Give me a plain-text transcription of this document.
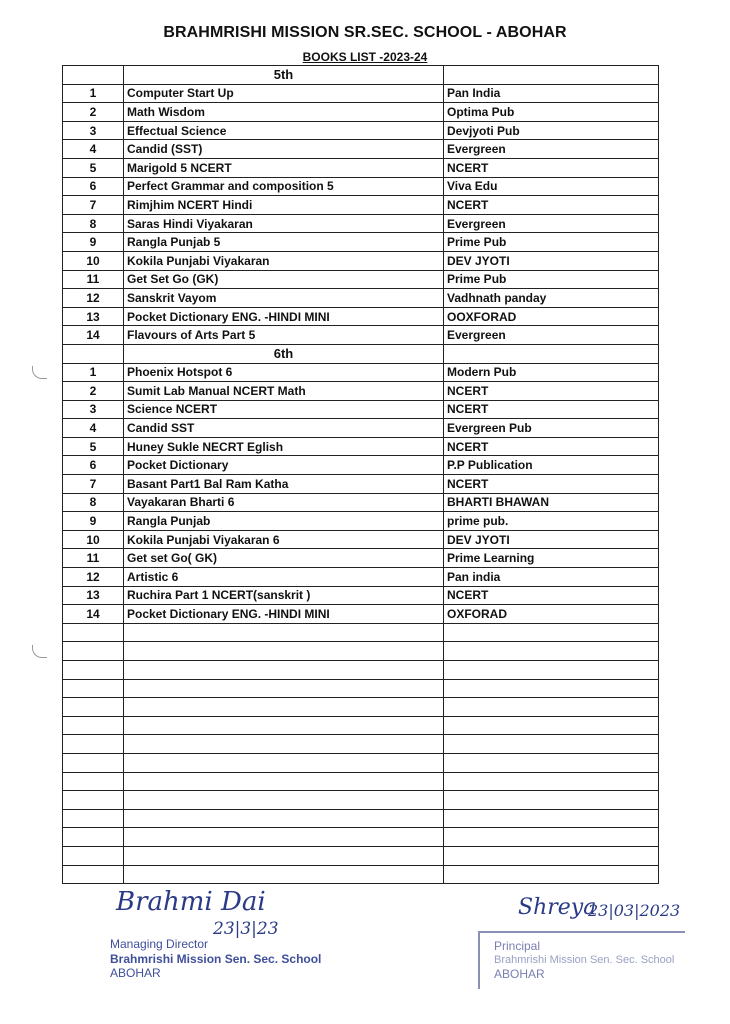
BRAHMRISHI MISSION SR.SEC. SCHOOL - ABOHAR
BOOKS LIST -2023-24
	5th	
1	Computer Start Up	Pan India
2	Math Wisdom	Optima Pub
3	Effectual Science	Devjyoti Pub
4	Candid (SST)	Evergreen
5	Marigold 5 NCERT	NCERT
6	Perfect Grammar and composition 5	Viva Edu
7	Rimjhim NCERT Hindi	NCERT
8	Saras Hindi Viyakaran	Evergreen
9	Rangla Punjab 5	Prime Pub
10	Kokila Punjabi Viyakaran	DEV JYOTI
11	Get Set Go (GK)	Prime Pub
12	Sanskrit Vayom	Vadhnath panday
13	Pocket Dictionary ENG. -HINDI MINI	OOXFORAD
14	Flavours of Arts Part 5	Evergreen
	6th	
1	Phoenix Hotspot 6	Modern Pub
2	Sumit Lab Manual NCERT Math	NCERT
3	Science NCERT	NCERT
4	Candid SST	Evergreen Pub
5	Huney Sukle NECRT Eglish	NCERT
6	Pocket Dictionary	P.P Publication
7	Basant Part1 Bal Ram Katha	NCERT
8	Vayakaran Bharti 6	BHARTI BHAWAN
9	Rangla Punjab	prime pub.
10	Kokila Punjabi Viyakaran 6	DEV JYOTI
11	Get set Go( GK)	Prime Learning
12	Artistic 6	Pan india
13	Ruchira Part 1 NCERT(sanskrit )	NCERT
14	Pocket Dictionary ENG. -HINDI MINI	OXFORAD

Brahmi Dai
23|3|23
Managing Director
Brahmrishi Mission Sen. Sec. School
ABOHAR
Shreya
23|03|2023
Principal
Brahmrishi Mission Sen. Sec. School
ABOHAR
